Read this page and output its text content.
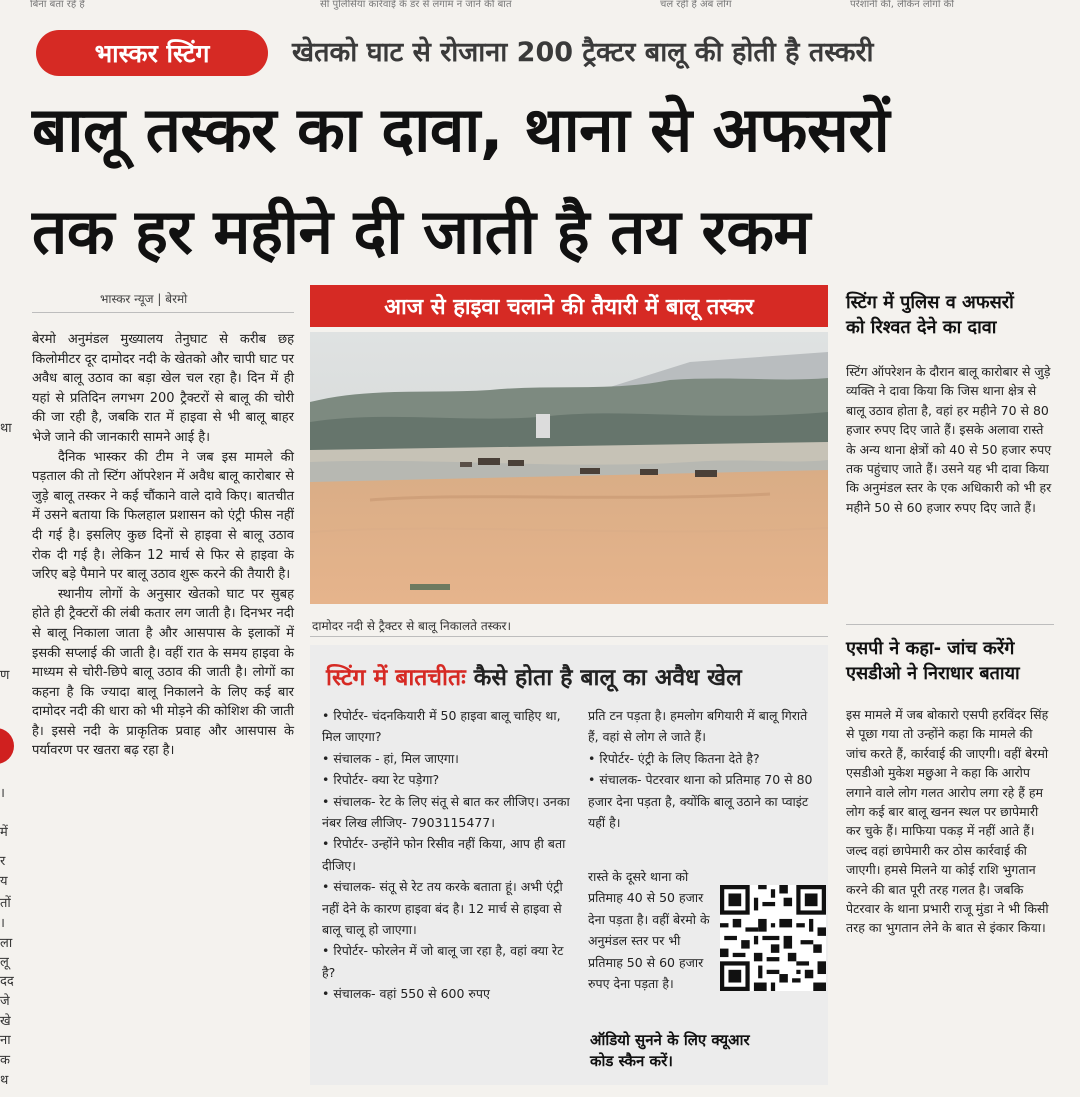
बिना बता रहे हैं	सी पुलिसिया कार्रवाई के डर से लगाम न जाने की बात	चल रही है अब लोग	परेशानी की, लेकिन लोगों की
था
ण
।
में
र
य
तों
।
ला
लू
दद
जे
खे
ना
क
थ
भास्कर स्टिंग	खेतको घाट से रोजाना 200 ट्रैक्टर बालू की होती है तस्करी
बालू तस्कर का दावा, थाना से अफसरों
तक हर महीने दी जाती है तय रकम
भास्कर न्यूज | बेरमो

बेरमो अनुमंडल मुख्यालय तेनुघाट से करीब छह किलोमीटर दूर दामोदर नदी के खेतको और चापी घाट पर अवैध बालू उठाव का बड़ा खेल चल रहा है। दिन में ही यहां से प्रतिदिन लगभग 200 ट्रैक्टरों से बालू की चोरी की जा रही है, जबकि रात में हाइवा से भी बालू बाहर भेजे जाने की जानकारी सामने आई है।

दैनिक भास्कर की टीम ने जब इस मामले की पड़ताल की तो स्टिंग ऑपरेशन में अवैध बालू कारोबार से जुड़े बालू तस्कर ने कई चौंकाने वाले दावे किए। बातचीत में उसने बताया कि फिलहाल प्रशासन को एंट्री फीस नहीं दी गई है। इसलिए कुछ दिनों से हाइवा से बालू उठाव रोक दी गई है। लेकिन 12 मार्च से फिर से हाइवा के जरिए बड़े पैमाने पर बालू उठाव शुरू करने की तैयारी है।

स्थानीय लोगों के अनुसार खेतको घाट पर सुबह होते ही ट्रैक्टरों की लंबी कतार लग जाती है। दिनभर नदी से बालू निकाला जाता है और आसपास के इलाकों में इसकी सप्लाई की जाती है। वहीं रात के समय हाइवा के माध्यम से चोरी-छिपे बालू उठाव की जाती है। लोगों का कहना है कि ज्यादा बालू निकालने के लिए कई बार दामोदर नदी की धारा को भी मोड़ने की कोशिश की जाती है। इससे नदी के प्राकृतिक प्रवाह और आसपास के पर्यावरण पर खतरा बढ़ रहा है।

आज से हाइवा चलाने की तैयारी में बालू तस्कर
दामोदर नदी से ट्रैक्टर से बालू निकालते तस्कर।
स्टिंग में बातचीतः कैसे होता है बालू का अवैध खेल

• रिपोर्टर- चंदनकियारी में 50 हाइवा बालू चाहिए था, मिल जाएगा?

• संचालक - हां, मिल जाएगा।

• रिपोर्टर- क्या रेट पड़ेगा?

• संचालक- रेट के लिए संतू से बात कर लीजिए। उनका नंबर लिख लीजिए- 7903115477।

• रिपोर्टर- उन्होंने फोन रिसीव नहीं किया, आप ही बता दीजिए।

• संचालक- संतू से रेट तय करके बताता हूं। अभी एंट्री नहीं देने के कारण हाइवा बंद है। 12 मार्च से हाइवा से बालू चालू हो जाएगा।

• रिपोर्टर- फोरलेन में जो बालू जा रहा है, वहां क्या रेट है?

• संचालक- वहां 550 से 600 रुपए

प्रति टन पड़ता है। हमलोग बगियारी में बालू गिराते हैं, वहां से लोग ले जाते हैं।

• रिपोर्टर- एंट्री के लिए कितना देते है?

• संचालक- पेटरवार थाना को प्रतिमाह 70 से 80 हजार देना पड़ता है, क्योंकि बालू उठाने का प्वाइंट यहीं है।

रास्ते के दूसरे थाना को प्रतिमाह 40 से 50 हजार देना पड़ता है। वहीं बेरमो के अनुमंडल स्तर पर भी प्रतिमाह 50 से 60 हजार रुपए देना पड़ता है।

ऑडियो सुनने के लिए क्यूआर
कोड स्कैन करें।
स्टिंग में पुलिस व अफसरों
को रिश्वत देने का दावा

स्टिंग ऑपरेशन के दौरान बालू कारोबार से जुड़े व्यक्ति ने दावा किया कि जिस थाना क्षेत्र से बालू उठाव होता है, वहां हर महीने 70 से 80 हजार रुपए दिए जाते हैं। इसके अलावा रास्ते के अन्य थाना क्षेत्रों को 40 से 50 हजार रुपए तक पहुंचाए जाते हैं। उसने यह भी दावा किया कि अनुमंडल स्तर के एक अधिकारी को भी हर महीने 50 से 60 हजार रुपए दिए जाते हैं।

एसपी ने कहा- जांच करेंगे
एसडीओ ने निराधार बताया

इस मामले में जब बोकारो एसपी हरविंदर सिंह से पूछा गया तो उन्होंने कहा कि मामले की जांच करते हैं, कार्रवाई की जाएगी। वहीं बेरमो एसडीओ मुकेश मछुआ ने कहा कि आरोप लगाने वाले लोग गलत आरोप लगा रहे हैं हम लोग कई बार बालू खनन स्थल पर छापेमारी कर चुके हैं। माफिया पकड़ में नहीं आते हैं। जल्द वहां छापेमारी कर ठोस कार्रवाई की जाएगी। हमसे मिलने या कोई राशि भुगतान करने की बात पूरी तरह गलत है। जबकि पेटरवार के थाना प्रभारी राजू मुंडा ने भी किसी तरह का भुगतान लेने के बात से इंकार किया।
